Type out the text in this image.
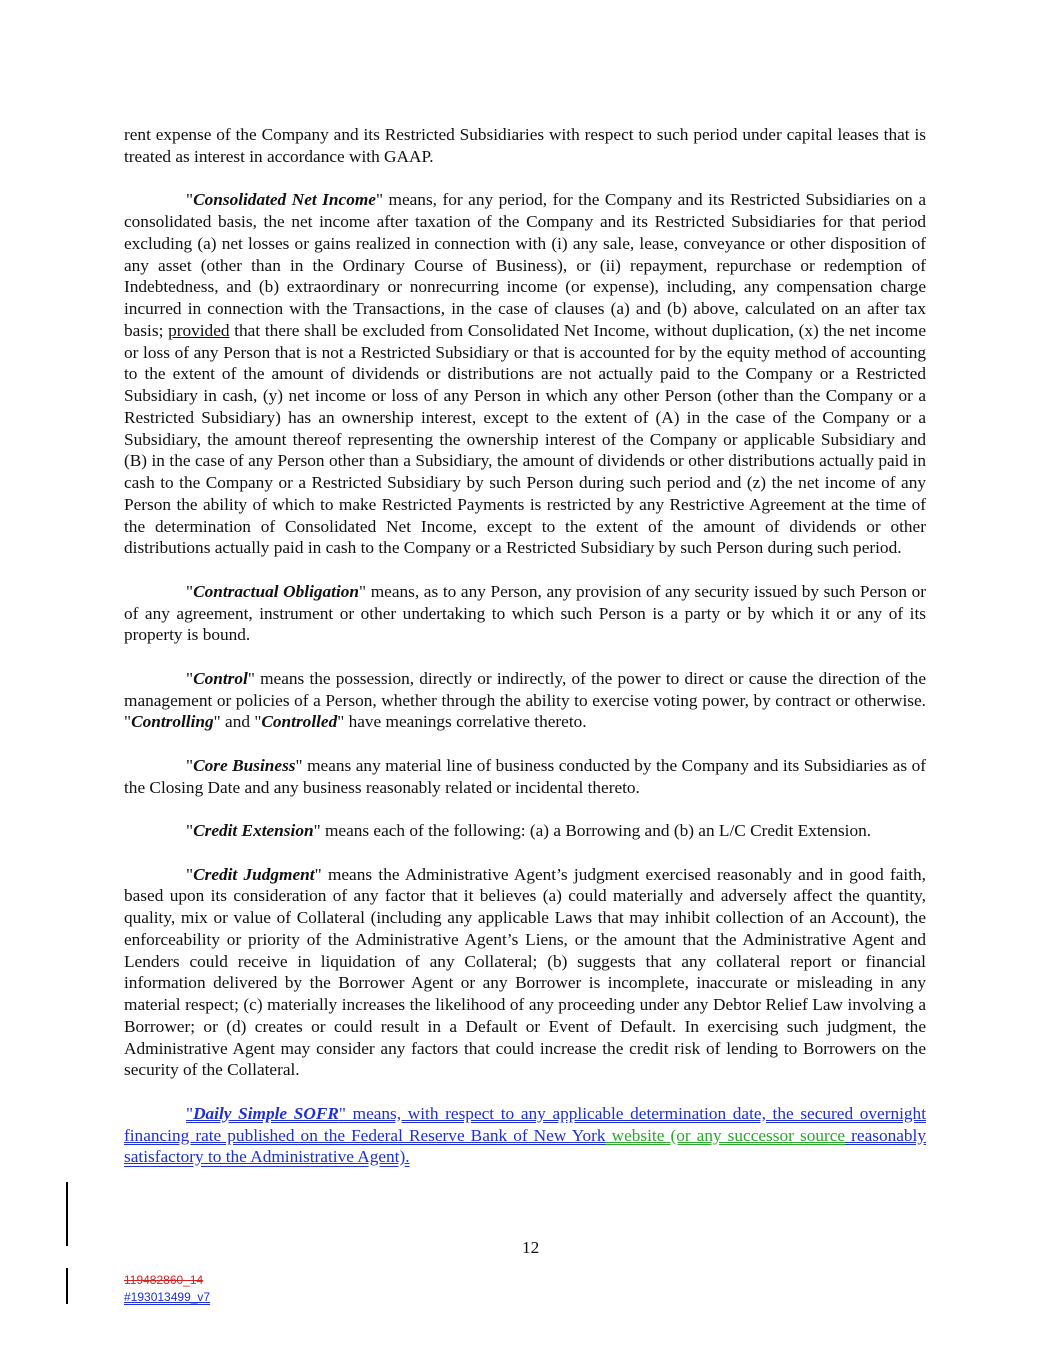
rent expense of the Company and its Restricted Subsidiaries with respect to such period under capital leases that is treated as interest in accordance with GAAP.

"Consolidated Net Income" means, for any period, for the Company and its Restricted Subsidiaries on a consolidated basis, the net income after taxation of the Company and its Restricted Subsidiaries for that period excluding (a) net losses or gains realized in connection with (i) any sale, lease, conveyance or other disposition of any asset (other than in the Ordinary Course of Business), or (ii) repayment, repurchase or redemption of Indebtedness, and (b) extraordinary or nonrecurring income (or expense), including, any compensation charge incurred in connection with the Transactions, in the case of clauses (a) and (b) above, calculated on an after tax basis; provided that there shall be excluded from Consolidated Net Income, without duplication, (x) the net income or loss of any Person that is not a Restricted Subsidiary or that is accounted for by the equity method of accounting to the extent of the amount of dividends or distributions are not actually paid to the Company or a Restricted Subsidiary in cash, (y) net income or loss of any Person in which any other Person (other than the Company or a Restricted Subsidiary) has an ownership interest, except to the extent of (A) in the case of the Company or a Subsidiary, the amount thereof representing the ownership interest of the Company or applicable Subsidiary and (B) in the case of any Person other than a Subsidiary, the amount of dividends or other distributions actually paid in cash to the Company or a Restricted Subsidiary by such Person during such period and (z) the net income of any Person the ability of which to make Restricted Payments is restricted by any Restrictive Agreement at the time of the determination of Consolidated Net Income, except to the extent of the amount of dividends or other distributions actually paid in cash to the Company or a Restricted Subsidiary by such Person during such period.

"Contractual Obligation" means, as to any Person, any provision of any security issued by such Person or of any agreement, instrument or other undertaking to which such Person is a party or by which it or any of its property is bound.

"Control" means the possession, directly or indirectly, of the power to direct or cause the direction of the management or policies of a Person, whether through the ability to exercise voting power, by contract or otherwise. "Controlling" and "Controlled" have meanings correlative thereto.

"Core Business" means any material line of business conducted by the Company and its Subsidiaries as of the Closing Date and any business reasonably related or incidental thereto.

"Credit Extension" means each of the following: (a) a Borrowing and (b) an L/C Credit Extension.

"Credit Judgment" means the Administrative Agent’s judgment exercised reasonably and in good faith, based upon its consideration of any factor that it believes (a) could materially and adversely affect the quantity, quality, mix or value of Collateral (including any applicable Laws that may inhibit collection of an Account), the enforceability or priority of the Administrative Agent’s Liens, or the amount that the Administrative Agent and Lenders could receive in liquidation of any Collateral; (b) suggests that any collateral report or financial information delivered by the Borrower Agent or any Borrower is incomplete, inaccurate or misleading in any material respect; (c) materially increases the likelihood of any proceeding under any Debtor Relief Law involving a Borrower; or (d) creates or could result in a Default or Event of Default. In exercising such judgment, the Administrative Agent may consider any factors that could increase the credit risk of lending to Borrowers on the security of the Collateral.

"Daily Simple SOFR" means, with respect to any applicable determination date, the secured overnight financing rate published on the Federal Reserve Bank of New York website (or any successor source reasonably satisfactory to the Administrative Agent).

12
119482860_14
#193013499_v7
